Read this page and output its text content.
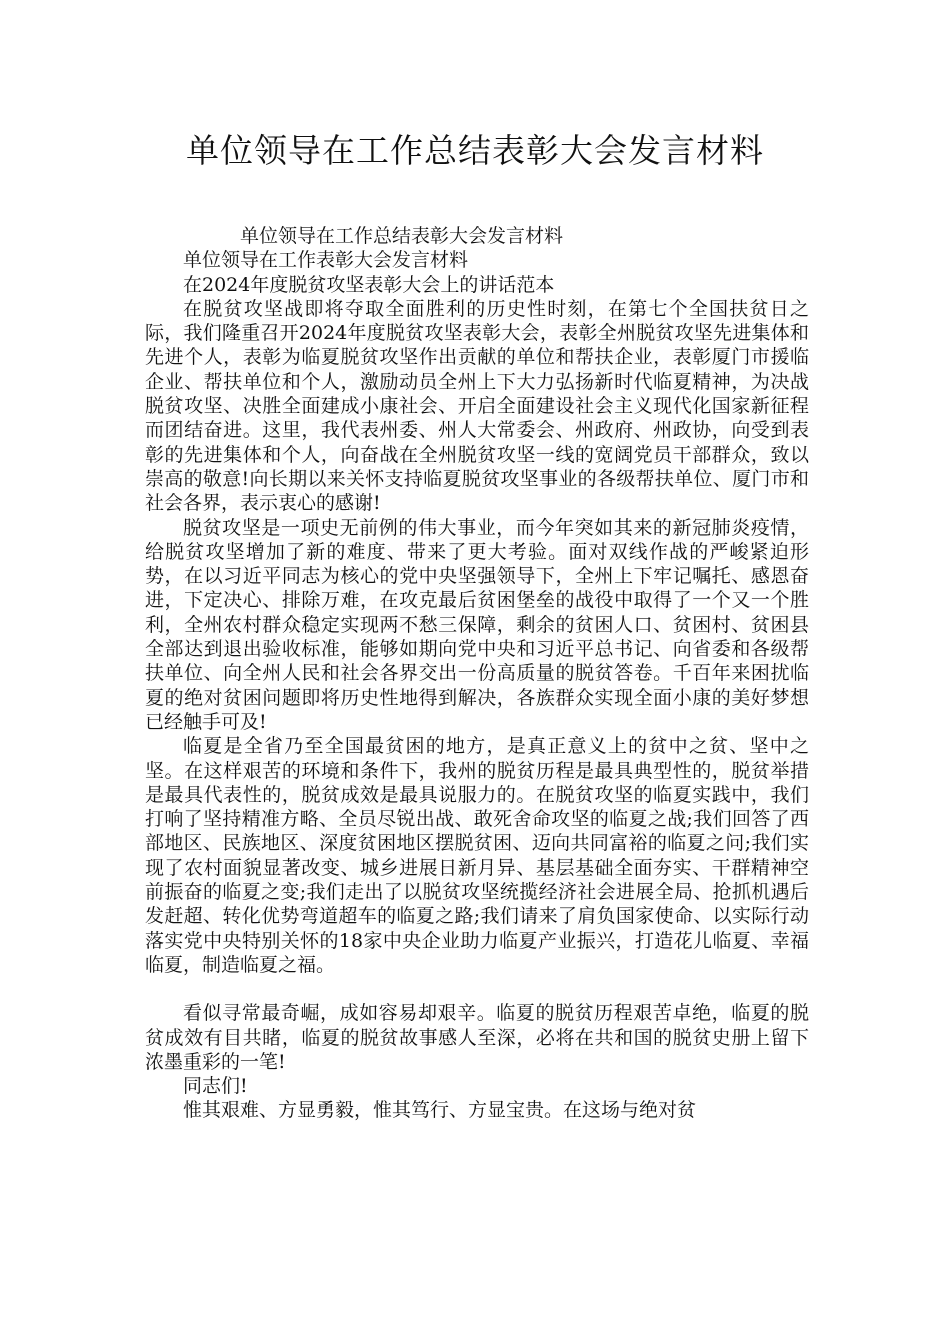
单位领导在工作总结表彰大会发言材料

单位领导在工作总结表彰大会发言材料

单位领导在工作表彰大会发言材料

在2024年度脱贫攻坚表彰大会上的讲话范本

在脱贫攻坚战即将夺取全面胜利的历史性时刻，在第七个全国扶贫日之际，我们隆重召开2024年度脱贫攻坚表彰大会，表彰全州脱贫攻坚先进集体和先进个人，表彰为临夏脱贫攻坚作出贡献的单位和帮扶企业，表彰厦门市援临企业、帮扶单位和个人，激励动员全州上下大力弘扬新时代临夏精神，为决战脱贫攻坚、决胜全面建成小康社会、开启全面建设社会主义现代化国家新征程而团结奋进。这里，我代表州委、州人大常委会、州政府、州政协，向受到表彰的先进集体和个人，向奋战在全州脱贫攻坚一线的宽阔党员干部群众，致以崇高的敬意!向长期以来关怀支持临夏脱贫攻坚事业的各级帮扶单位、厦门市和社会各界，表示衷心的感谢!

脱贫攻坚是一项史无前例的伟大事业，而今年突如其来的新冠肺炎疫情，给脱贫攻坚增加了新的难度、带来了更大考验。面对双线作战的严峻紧迫形势，在以习近平同志为核心的党中央坚强领导下，全州上下牢记嘱托、感恩奋进，下定决心、排除万难，在攻克最后贫困堡垒的战役中取得了一个又一个胜利，全州农村群众稳定实现两不愁三保障，剩余的贫困人口、贫困村、贫困县全部达到退出验收标准，能够如期向党中央和习近平总书记、向省委和各级帮扶单位、向全州人民和社会各界交出一份高质量的脱贫答卷。千百年来困扰临夏的绝对贫困问题即将历史性地得到解决，各族群众实现全面小康的美好梦想已经触手可及!

临夏是全省乃至全国最贫困的地方，是真正意义上的贫中之贫、坚中之坚。在这样艰苦的环境和条件下，我州的脱贫历程是最具典型性的，脱贫举措是最具代表性的，脱贫成效是最具说服力的。在脱贫攻坚的临夏实践中，我们打响了坚持精准方略、全员尽锐出战、敢死舍命攻坚的临夏之战;我们回答了西部地区、民族地区、深度贫困地区摆脱贫困、迈向共同富裕的临夏之问;我们实现了农村面貌显著改变、城乡进展日新月异、基层基础全面夯实、干群精神空前振奋的临夏之变;我们走出了以脱贫攻坚统揽经济社会进展全局、抢抓机遇后发赶超、转化优势弯道超车的临夏之路;我们请来了肩负国家使命、以实际行动落实党中央特别关怀的18家中央企业助力临夏产业振兴，打造花儿临夏、幸福临夏，制造临夏之福。

看似寻常最奇崛，成如容易却艰辛。临夏的脱贫历程艰苦卓绝，临夏的脱贫成效有目共睹，临夏的脱贫故事感人至深，必将在共和国的脱贫史册上留下浓墨重彩的一笔!

同志们!

惟其艰难、方显勇毅，惟其笃行、方显宝贵。在这场与绝对贫
